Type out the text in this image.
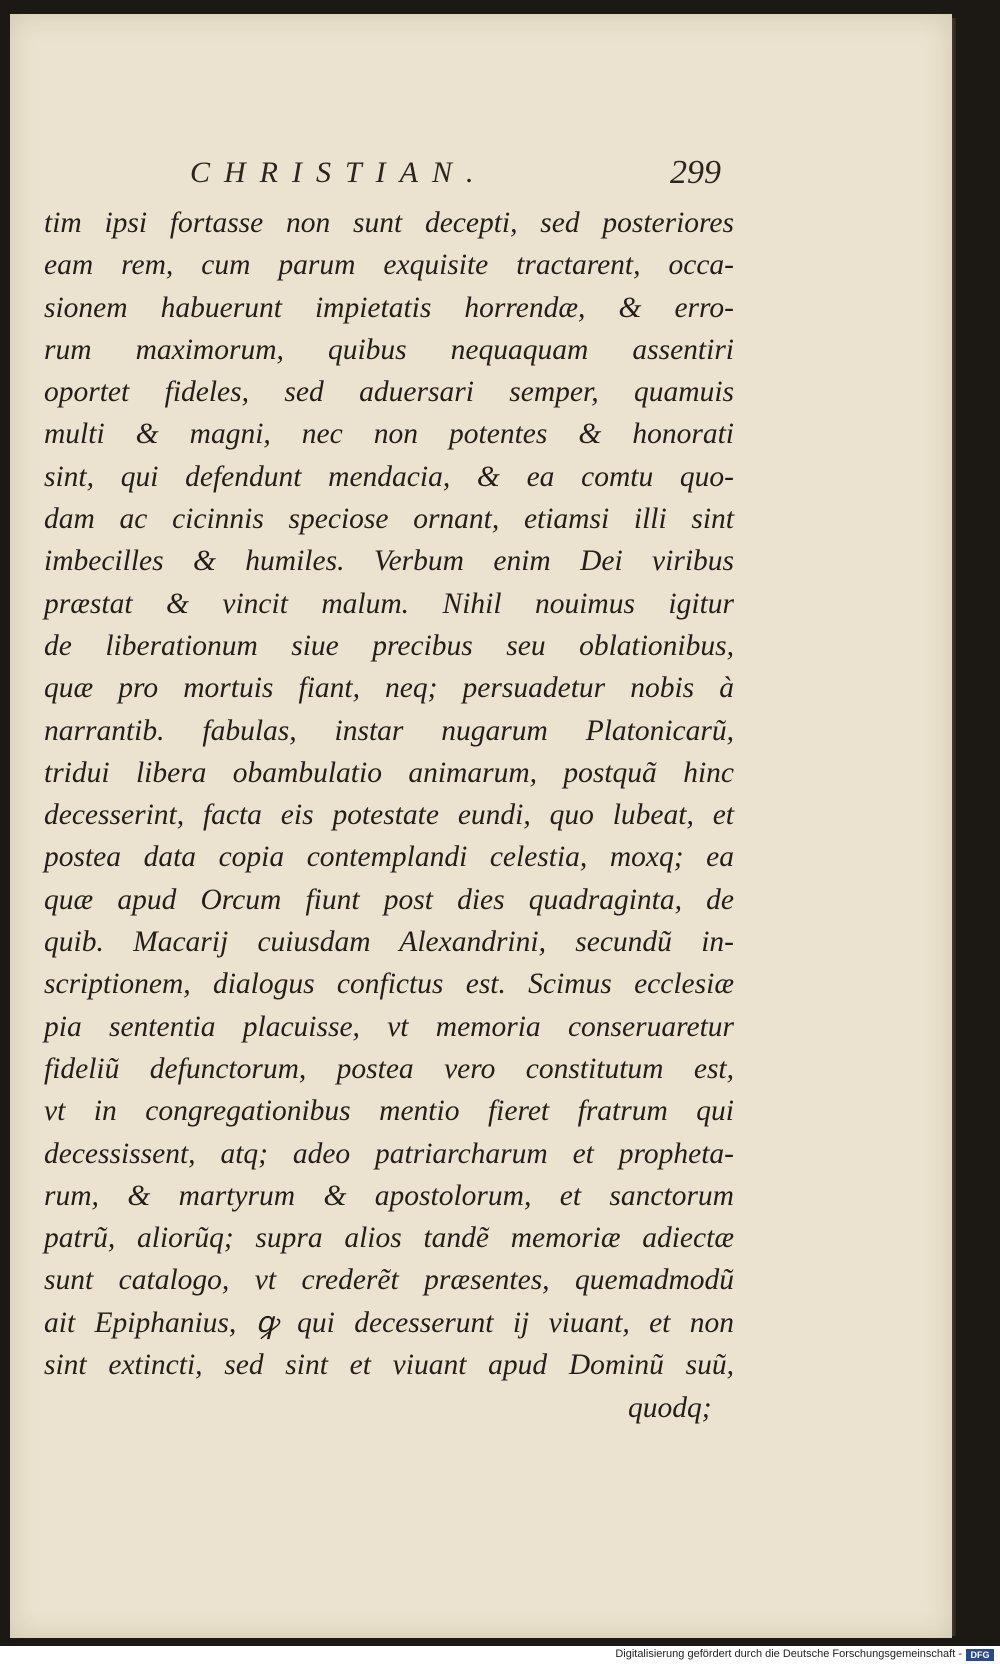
CHRISTIAN.	299
tim ipsi fortasse non sunt decepti, sed posteriores
eam rem, cum parum exquisite tractarent, occa-
sionem habuerunt impietatis horrendæ, & erro-
rum maximorum, quibus nequaquam assentiri
oportet fideles, sed aduersari semper, quamuis
multi & magni, nec non potentes & honorati
sint, qui defendunt mendacia, & ea comtu quo-
dam ac cicinnis speciose ornant, etiamsi illi sint
imbecilles & humiles. Verbum enim Dei viribus
præstat & vincit malum. Nihil nouimus igitur
de liberationum siue precibus seu oblationibus,
quæ pro mortuis fiant, neq; persuadetur nobis à
narrantib. fabulas, instar nugarum Platonicarũ,
tridui libera obambulatio animarum, postquã hinc
decesserint, facta eis potestate eundi, quo lubeat, et
postea data copia contemplandi celestia, moxq; ea
quæ apud Orcum fiunt post dies quadraginta, de
quib. Macarij cuiusdam Alexandrini, secundũ in-
scriptionem, dialogus confictus est. Scimus ecclesiæ
pia sententia placuisse, vt memoria conseruaretur
fideliũ defunctorum, postea vero constitutum est,
vt in congregationibus mentio fieret fratrum qui
decessissent, atq; adeo patriarcharum et propheta-
rum, & martyrum & apostolorum, et sanctorum
patrũ, aliorũq; supra alios tandẽ memoriæ adiectæ
sunt catalogo, vt crederẽt præsentes, quemadmodũ
ait Epiphanius, ꝙ qui decesserunt ij viuant, et non
sint extincti, sed sint et viuant apud Dominũ suũ,
quodq;
Digitalisierung gefördert durch die Deutsche Forschungsgemeinschaft - DFG
